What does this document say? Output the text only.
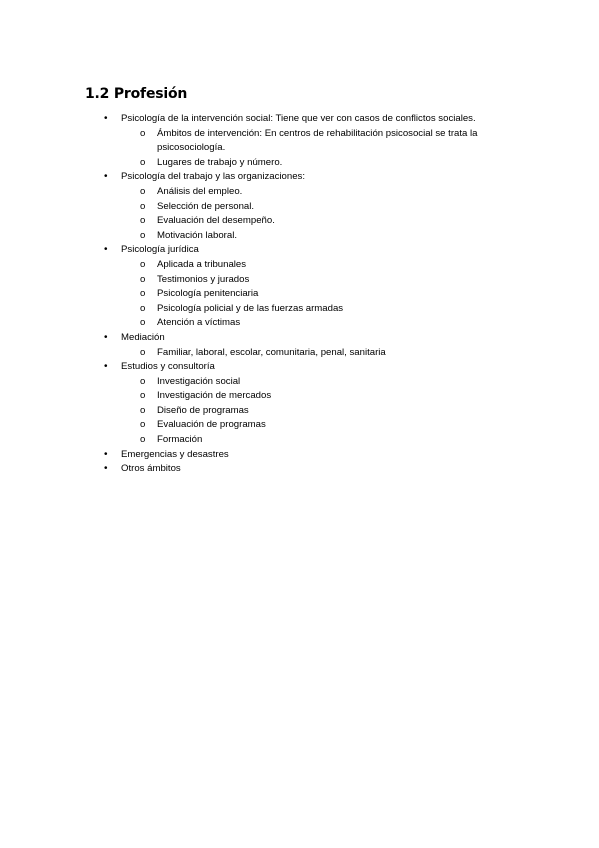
1.2 Profesión
• Psicología de la intervención social: Tiene que ver con casos de conflictos sociales.
o Ámbitos de intervención: En centros de rehabilitación psicosocial se trata la psicosociología.
o Lugares de trabajo y número.
• Psicología del trabajo y las organizaciones:
o Análisis del empleo.
o Selección de personal.
o Evaluación del desempeño.
o Motivación laboral.
• Psicología jurídica
o Aplicada a tribunales
o Testimonios y jurados
o Psicología penitenciaria
o Psicología policial y de las fuerzas armadas
o Atención a víctimas
• Mediación
o Familiar, laboral, escolar, comunitaria, penal, sanitaria
• Estudios y consultoría
o Investigación social
o Investigación de mercados
o Diseño de programas
o Evaluación de programas
o Formación
• Emergencias y desastres
• Otros ámbitos
